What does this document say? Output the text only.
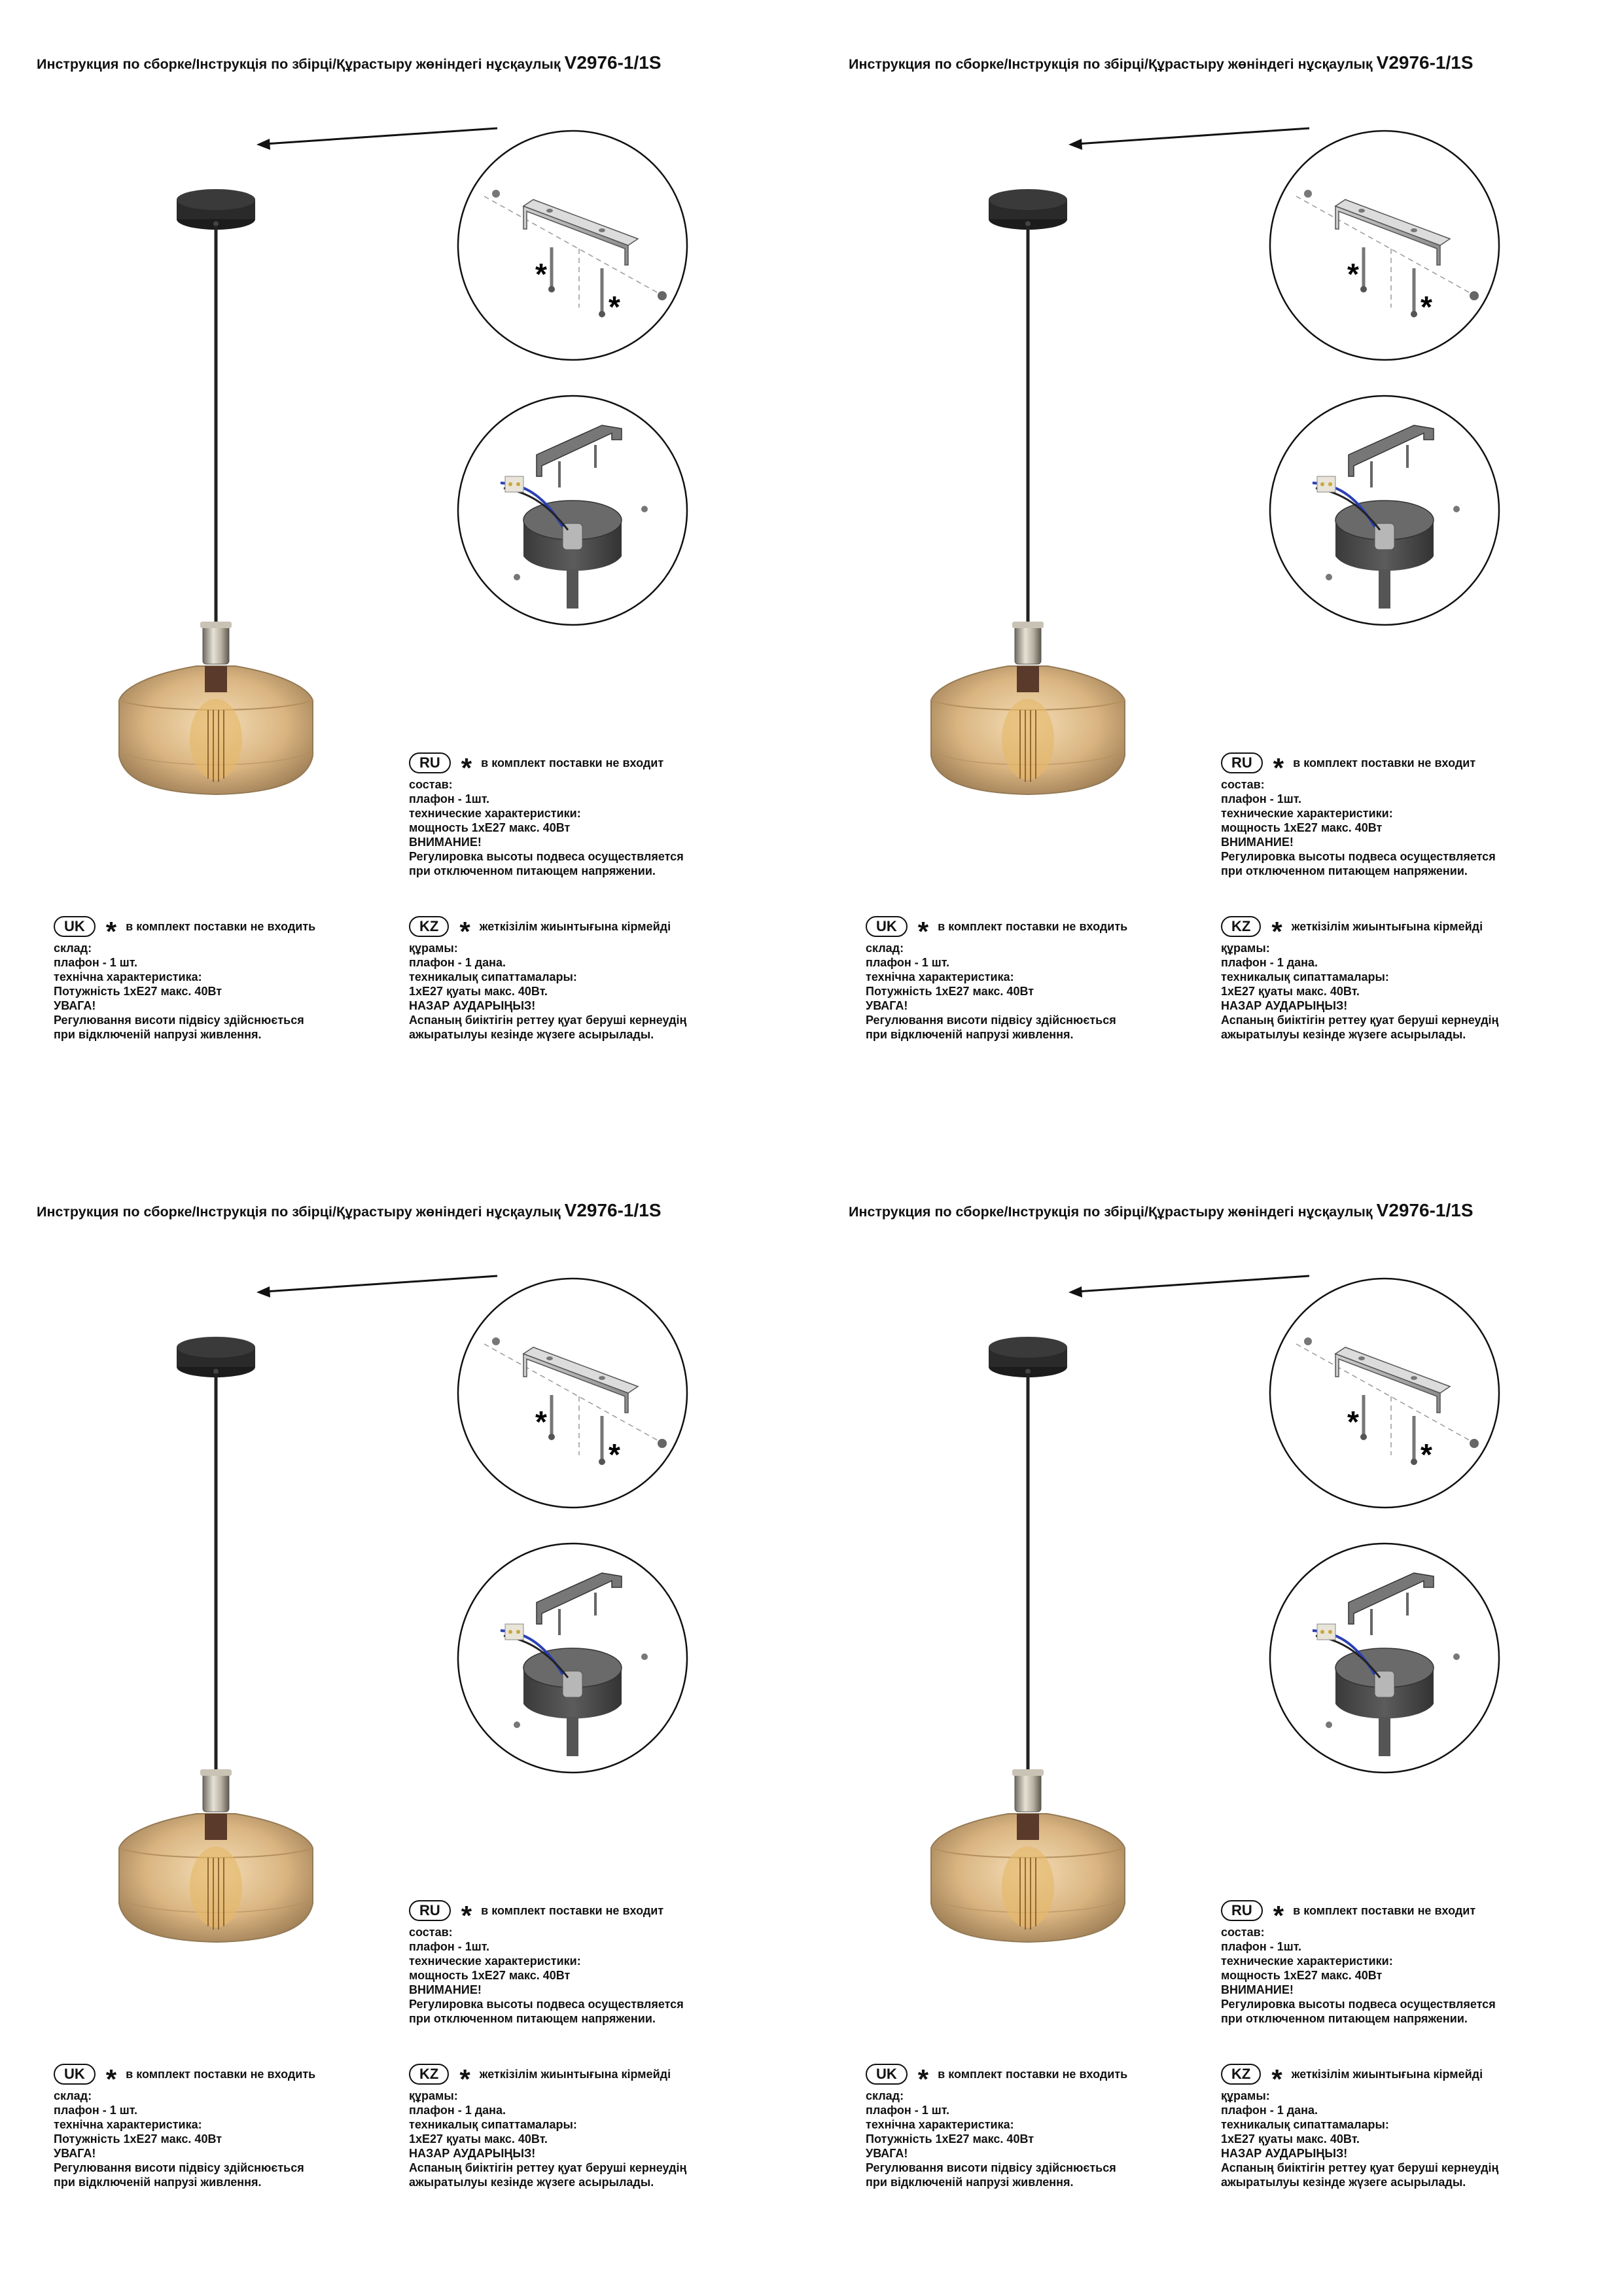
Инструкция по сборке/Інструкція по збірці/Құрастыру жөніндегі нұсқаулық V2976-1/1S
*
*
RU * в комплект поставки не входит
состав:
плафон - 1шт.
технические характеристики:
мощность 1хЕ27 макс. 40Вт
ВНИМАНИЕ!
Регулировка высоты подвеса осуществляется
при отключенном питающем напряжении.
UK * в комплект поставки не входить
склад:
плафон - 1 шт.
технічна характеристика:
Потужність 1хЕ27 макс. 40Вт
УВАГА!
Регулювання висоти підвісу здійснюється
при відключеній напрузі живлення.
KZ * жеткізілім жиынтығына кірмейді
құрамы:
плафон - 1 дана.
техникалық сипаттамалары:
1хЕ27 қуаты макс. 40Вт.
НАЗАР АУДАРЫҢЫЗ!
Аспаның биіктігін реттеу қуат беруші кернеудің
ажыратылуы кезінде жүзеге асырылады.
Инструкция по сборке/Інструкція по збірці/Құрастыру жөніндегі нұсқаулық V2976-1/1S
*
*
RU * в комплект поставки не входит
состав:
плафон - 1шт.
технические характеристики:
мощность 1хЕ27 макс. 40Вт
ВНИМАНИЕ!
Регулировка высоты подвеса осуществляется
при отключенном питающем напряжении.
UK * в комплект поставки не входить
склад:
плафон - 1 шт.
технічна характеристика:
Потужність 1хЕ27 макс. 40Вт
УВАГА!
Регулювання висоти підвісу здійснюється
при відключеній напрузі живлення.
KZ * жеткізілім жиынтығына кірмейді
құрамы:
плафон - 1 дана.
техникалық сипаттамалары:
1хЕ27 қуаты макс. 40Вт.
НАЗАР АУДАРЫҢЫЗ!
Аспаның биіктігін реттеу қуат беруші кернеудің
ажыратылуы кезінде жүзеге асырылады.
Инструкция по сборке/Інструкція по збірці/Құрастыру жөніндегі нұсқаулық V2976-1/1S
*
*
RU * в комплект поставки не входит
состав:
плафон - 1шт.
технические характеристики:
мощность 1хЕ27 макс. 40Вт
ВНИМАНИЕ!
Регулировка высоты подвеса осуществляется
при отключенном питающем напряжении.
UK * в комплект поставки не входить
склад:
плафон - 1 шт.
технічна характеристика:
Потужність 1хЕ27 макс. 40Вт
УВАГА!
Регулювання висоти підвісу здійснюється
при відключеній напрузі живлення.
KZ * жеткізілім жиынтығына кірмейді
құрамы:
плафон - 1 дана.
техникалық сипаттамалары:
1хЕ27 қуаты макс. 40Вт.
НАЗАР АУДАРЫҢЫЗ!
Аспаның биіктігін реттеу қуат беруші кернеудің
ажыратылуы кезінде жүзеге асырылады.
Инструкция по сборке/Інструкція по збірці/Құрастыру жөніндегі нұсқаулық V2976-1/1S
*
*
RU * в комплект поставки не входит
состав:
плафон - 1шт.
технические характеристики:
мощность 1хЕ27 макс. 40Вт
ВНИМАНИЕ!
Регулировка высоты подвеса осуществляется
при отключенном питающем напряжении.
UK * в комплект поставки не входить
склад:
плафон - 1 шт.
технічна характеристика:
Потужність 1хЕ27 макс. 40Вт
УВАГА!
Регулювання висоти підвісу здійснюється
при відключеній напрузі живлення.
KZ * жеткізілім жиынтығына кірмейді
құрамы:
плафон - 1 дана.
техникалық сипаттамалары:
1хЕ27 қуаты макс. 40Вт.
НАЗАР АУДАРЫҢЫЗ!
Аспаның биіктігін реттеу қуат беруші кернеудің
ажыратылуы кезінде жүзеге асырылады.
